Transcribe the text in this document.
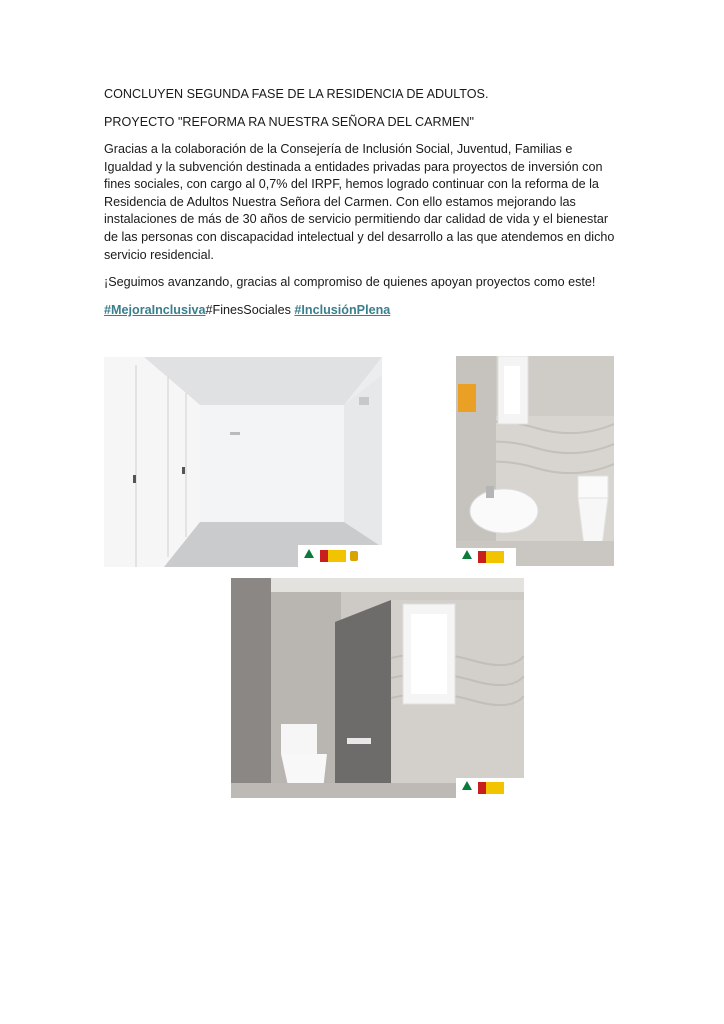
CONCLUYEN SEGUNDA FASE DE LA RESIDENCIA DE ADULTOS.

PROYECTO "REFORMA RA NUESTRA SEÑORA DEL CARMEN"

Gracias a la colaboración de la Consejería de Inclusión Social, Juventud, Familias e Igualdad y la subvención destinada a entidades privadas para proyectos de inversión con fines sociales, con cargo al 0,7% del IRPF, hemos logrado continuar con la reforma de la Residencia de Adultos Nuestra Señora del Carmen. Con ello estamos mejorando las instalaciones de más de 30 años de servicio permitiendo dar calidad de vida y el bienestar de las personas con discapacidad intelectual y del desarrollo a las que atendemos en dicho servicio residencial.

¡Seguimos avanzando, gracias al compromiso de quienes apoyan proyectos como este!

#MejoraInclusiva#FinesSociales #InclusiónPlena
